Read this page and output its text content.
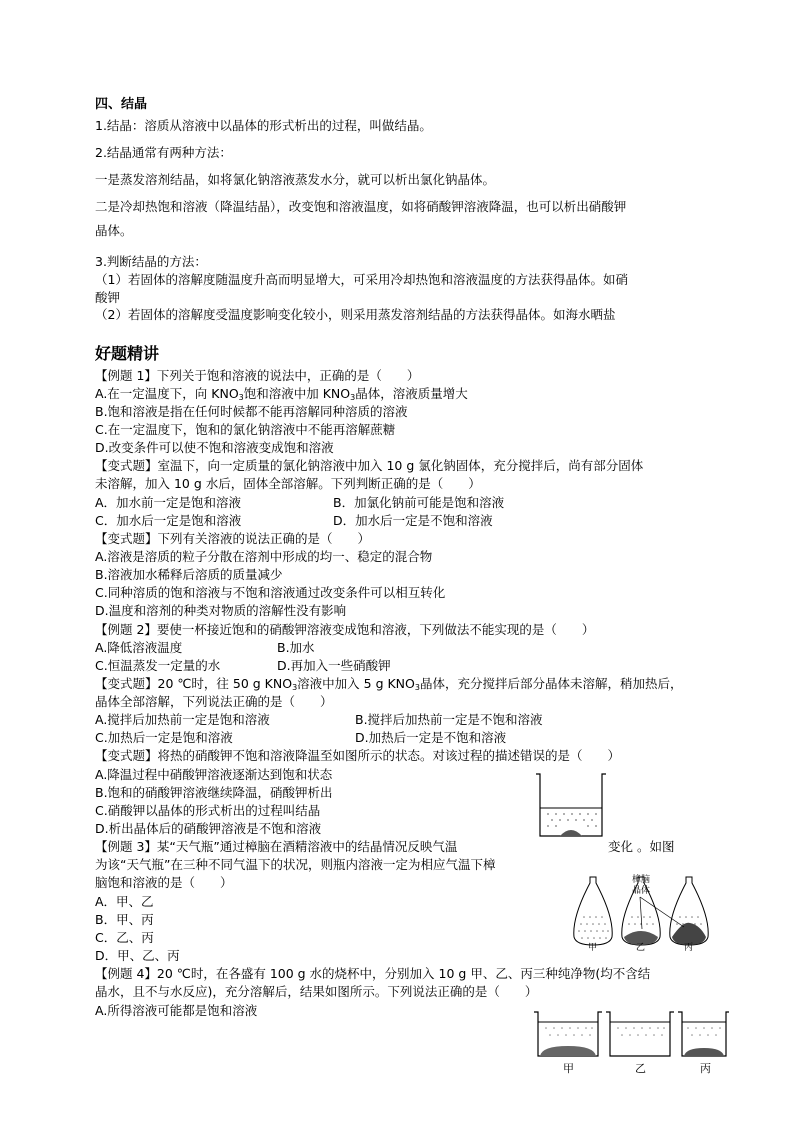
四、结晶
1.结晶：溶质从溶液中以晶体的形式析出的过程，叫做结晶。
2.结晶通常有两种方法：
一是蒸发溶剂结晶，如将氯化钠溶液蒸发水分，就可以析出氯化钠晶体。
二是冷却热饱和溶液（降温结晶），改变饱和溶液温度，如将硝酸钾溶液降温，也可以析出硝酸钾
晶体。
3.判断结晶的方法：
（1）若固体的溶解度随温度升高而明显增大，可采用冷却热饱和溶液温度的方法获得晶体。如硝
酸钾
（2）若固体的溶解度受温度影响变化较小，则采用蒸发溶剂结晶的方法获得晶体。如海水晒盐
好题精讲
【例题 1】下列关于饱和溶液的说法中，正确的是（　　）
A.在一定温度下，向 $KNO_3$饱和溶液中加 $KNO_3$晶体，溶液质量增大
B.饱和溶液是指在任何时候都不能再溶解同种溶质的溶液
C.在一定温度下，饱和的氯化钠溶液中不能再溶解蔗糖
D.改变条件可以使不饱和溶液变成饱和溶液
【变式题】室温下，向一定质量的氯化钠溶液中加入 10 g 氯化钠固体，充分搅拌后，尚有部分固体
未溶解，加入 10 g 水后，固体全部溶解。下列判断正确的是（　　）
A．加水前一定是饱和溶液	B．加氯化钠前可能是饱和溶液
C．加水后一定是饱和溶液	D．加水后一定是不饱和溶液
【变式题】下列有关溶液的说法正确的是（　　）
A.溶液是溶质的粒子分散在溶剂中形成的均一、稳定的混合物
B.溶液加水稀释后溶质的质量减少
C.同种溶质的饱和溶液与不饱和溶液通过改变条件可以相互转化
D.温度和溶剂的种类对物质的溶解性没有影响
【例题 2】要使一杯接近饱和的硝酸钾溶液变成饱和溶液，下列做法不能实现的是（　　）
A.降低溶液温度	B.加水
C.恒温蒸发一定量的水	D.再加入一些硝酸钾
【变式题】20 ℃时，往 50 g $KNO_3$溶液中加入 5 g $KNO_3$晶体，充分搅拌后部分晶体未溶解，稍加热后，
晶体全部溶解，下列说法正确的是（　　）
A.搅拌后加热前一定是饱和溶液	B.搅拌后加热前一定是不饱和溶液
C.加热后一定是饱和溶液	D.加热后一定是不饱和溶液
【变式题】将热的硝酸钾不饱和溶液降温至如图所示的状态。对该过程的描述错误的是（　　）
A.降温过程中硝酸钾溶液逐渐达到饱和状态
B.饱和的硝酸钾溶液继续降温，硝酸钾析出
C.硝酸钾以晶体的形式析出的过程叫结晶
D.析出晶体后的硝酸钾溶液是不饱和溶液
【例题 3】某“天气瓶”通过樟脑在酒精溶液中的结晶情况反映气温	变化 。如图
为该“天气瓶”在三种不同气温下的状况，则瓶内溶液一定为相应气温下樟
脑饱和溶液的是（　　）
A．甲、乙
B．甲、丙
C．乙、丙
D．甲、乙、丙
樟脑
晶体
甲	乙	丙
【例题 4】20 ℃时，在各盛有 100 g 水的烧杯中，分别加入 10 g 甲、乙、丙三种纯净物(均不含结
晶水，且不与水反应)，充分溶解后，结果如图所示。下列说法正确的是（　　）
A.所得溶液可能都是饱和溶液
甲	乙	丙
